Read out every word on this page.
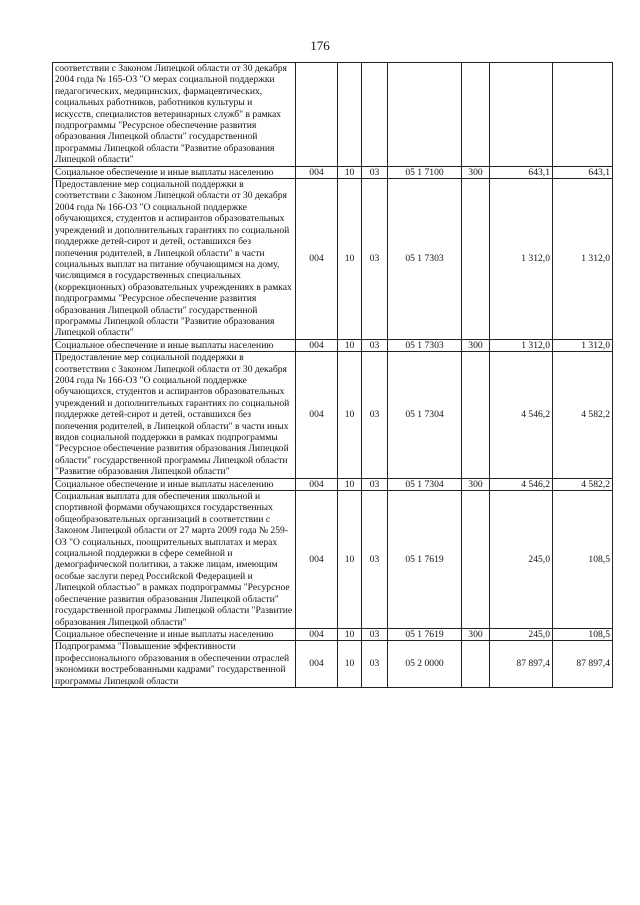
176
соответствии с Законом Липецкой области от 30 декабря 2004 года № 165-ОЗ "О мерах социальной поддержки педагогических, медицинских, фармацевтических, социальных работников, работников культуры и искусств, специалистов ветеринарных служб" в рамках подпрограммы "Ресурсное обеспечение развития образования Липецкой области" государственной программы Липецкой области "Развитие образования Липецкой области"							
Социальное обеспечение и иные выплаты населению	004	10	03	05 1 7100	300	643,1	643,1
Предоставление мер социальной поддержки в соответствии с Законом Липецкой области от 30 декабря 2004 года № 166-ОЗ "О социальной поддержке обучающихся, студентов и аспирантов образовательных учреждений и дополнительных гарантиях по социальной поддержке детей-сирот и детей, оставшихся без попечения родителей, в Липецкой области" в части социальных выплат на питание обучающимся на дому, числящимся в государственных специальных (коррекционных) образовательных учреждениях в рамках подпрограммы "Ресурсное обеспечение развития образования Липецкой области" государственной программы Липецкой области "Развитие образования Липецкой области"	004	10	03	05 1 7303		1 312,0	1 312,0
Социальное обеспечение и иные выплаты населению	004	10	03	05 1 7303	300	1 312,0	1 312,0
Предоставление мер социальной поддержки в соответствии с Законом Липецкой области от 30 декабря 2004 года № 166-ОЗ "О социальной поддержке обучающихся, студентов и аспирантов образовательных учреждений и дополнительных гарантиях по социальной поддержке детей-сирот и детей, оставшихся без попечения родителей, в Липецкой области" в части иных видов социальной поддержки в рамках подпрограммы "Ресурсное обеспечение развития образования Липецкой области" государственной программы Липецкой области "Развитие образования Липецкой области"	004	10	03	05 1 7304		4 546,2	4 582,2
Социальное обеспечение и иные выплаты населению	004	10	03	05 1 7304	300	4 546,2	4 582,2
Социальная выплата для обеспечения школьной и спортивной формами обучающихся государственных общеобразовательных организаций в соответствии с Законом Липецкой области от 27 марта 2009 года № 259-ОЗ "О социальных, поощрительных выплатах и мерах социальной поддержки в сфере семейной и демографической политики, а также лицам, имеющим особые заслуги перед Российской Федерацией и Липецкой областью" в рамках подпрограммы "Ресурсное обеспечение развития образования Липецкой области" государственной программы Липецкой области "Развитие образования Липецкой области"	004	10	03	05 1 7619		245,0	108,5
Социальное обеспечение и иные выплаты населению	004	10	03	05 1 7619	300	245,0	108,5
Подпрограмма "Повышение эффективности профессионального образования в обеспечении отраслей экономики востребованными кадрами" государственной программы Липецкой области	004	10	03	05 2 0000		87 897,4	87 897,4
